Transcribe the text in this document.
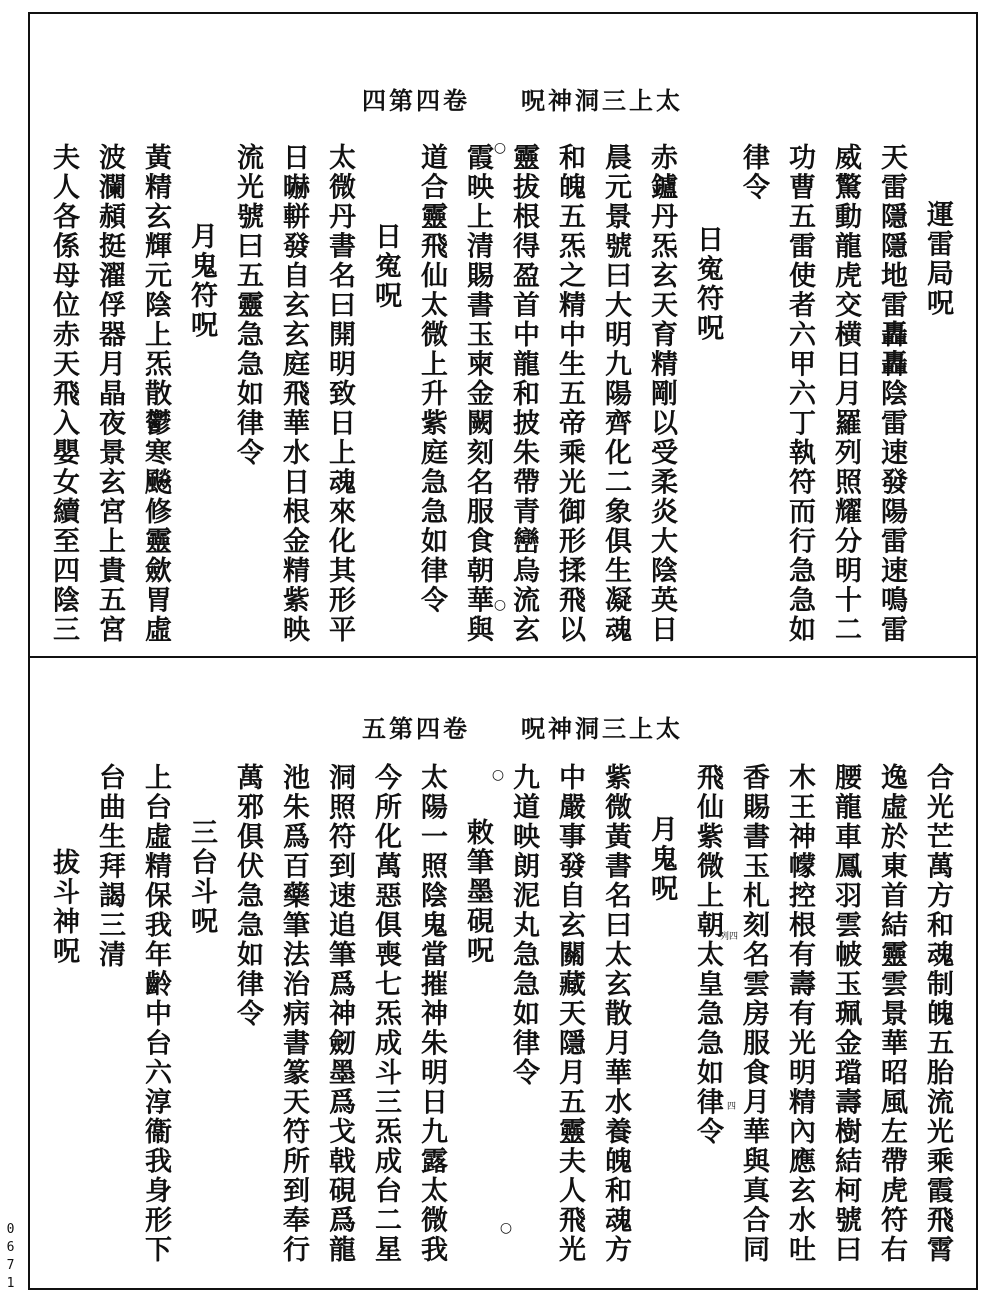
太上三洞神呪
卷四第四
運雷局呪
天雷隱隱地雷轟轟陰雷速發陽雷速鳴雷
威驚動龍虎交横日月羅列照耀分明十二
功曹五雷使者六甲六丁執符而行急急如
律令
日寃符呪
赤鑪丹炁玄天育精剛以受柔炎大陰英日
晨元景號曰大明九陽齊化二象俱生凝魂
和魄五炁之精中生五帝乘光御形揉飛以
靈拔根得盈首中龍和披朱帶青巒烏流玄
霞映上清賜書玉柬金闕刻名服食朝華與
道合靈飛仙太微上升紫庭急急如律令
日寃呪
太微丹書名曰開明致日上魂來化其形平
日㬨軿發自玄玄庭飛華水日根金精紫映
流光號曰五靈急急如律令
月鬼符呪
黃精玄輝元陰上炁散鬱寒飈修靈歛胃虛
波瀾頳挺濯俘器月晶夜景玄宮上貴五宮
夫人各係母位赤天飛入嬰女續至四陰三	○
○
太上三洞神呪
卷四第五
合光芒萬方和魂制魄五胎流光乘霞飛霄
逸虛於東首結靈雲景華昭風左帶虎符右
腰龍車鳳羽雲帔玉珮金璫壽樹結柯號曰
木王神幪控根有壽有光明精內應玄水吐
香賜書玉札刻名雲房服食月華與真合同
飛仙紫微上朝太皇急急如律令
月鬼呪
紫微黃書名曰太玄散月華水養魄和魂方
中嚴事發自玄關藏天隱月五靈夫人飛光
九道映朗泥丸急急如律令
敕筆墨硯呪
太陽一照陰鬼當摧神朱明日九露太微我
今所化萬惡俱喪七炁成斗三炁成台二星
洞照符到速追筆爲神劒墨爲戈戟硯爲龍
池朱爲百藥筆法治病書篆天符所到奉行
萬邪俱伏急急如律令
三台斗呪
上台虛精保我年齡中台六淳衞我身形下
台曲生拜謁三清
拔斗神呪
○
○
列四
四
0671
